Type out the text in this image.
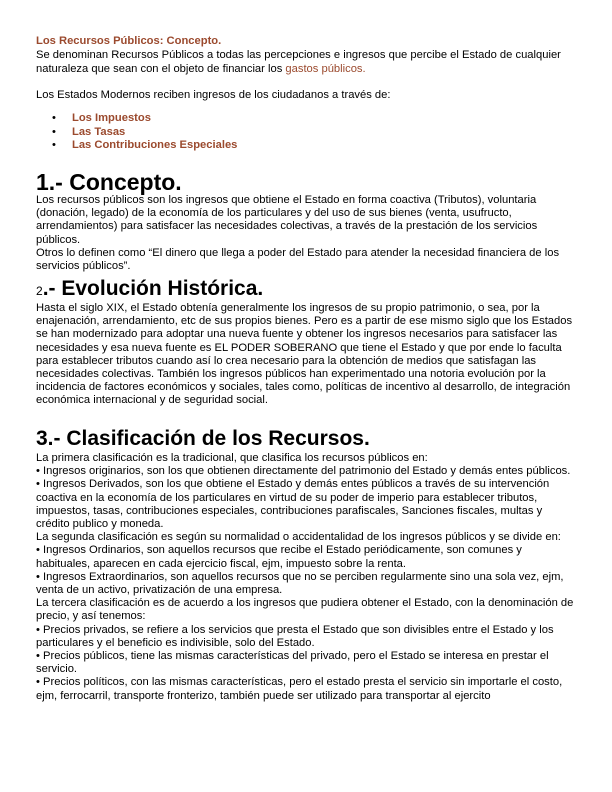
Los Recursos Públicos: Concepto.
Se denominan Recursos Públicos a todas las percepciones e ingresos que percibe el Estado de cualquier naturaleza que sean con el objeto de financiar los gastos públicos.
Los Estados Modernos reciben ingresos de los ciudadanos a través de:
• Los Impuestos
• Las Tasas
• Las Contribuciones Especiales
1.- Concepto.

Los recursos públicos son los ingresos que obtiene el Estado en forma coactiva (Tributos), voluntaria (donación, legado) de la economía de los particulares y del uso de sus bienes (venta, usufructo, arrendamientos) para satisfacer las necesidades colectivas, a través de la prestación de los servicios públicos.

Otros lo definen como “El dinero que llega a poder del Estado para atender la necesidad financiera de los servicios públicos”.

2.- Evolución Histórica.

Hasta el siglo XIX, el Estado obtenía generalmente los ingresos de su propio patrimonio, o sea, por la enajenación, arrendamiento, etc de sus propios bienes. Pero es a partir de ese mismo siglo que los Estados se han modernizado para adoptar una nueva fuente y obtener los ingresos necesarios para satisfacer las necesidades y esa nueva fuente es EL PODER SOBERANO que tiene el Estado y que por ende lo faculta para establecer tributos cuando así lo crea necesario para la obtención de medios que satisfagan las necesidades colectivas. También los ingresos públicos han experimentado una notoria evolución por la incidencia de factores económicos y sociales, tales como, políticas de incentivo al desarrollo, de integración económica internacional y de seguridad social.

3.- Clasificación de los Recursos.

La primera clasificación es la tradicional, que clasifica los recursos públicos en:

• Ingresos originarios, son los que obtienen directamente del patrimonio del Estado y demás entes públicos.

• Ingresos Derivados, son los que obtiene el Estado y demás entes públicos a través de su intervención coactiva en la economía de los particulares en virtud de su poder de imperio para establecer tributos, impuestos, tasas, contribuciones especiales, contribuciones parafiscales, Sanciones fiscales, multas y crédito publico y moneda.

La segunda clasificación es según su normalidad o accidentalidad de los ingresos públicos y se divide en:

• Ingresos Ordinarios, son aquellos recursos que recibe el Estado periódicamente, son comunes y habituales, aparecen en cada ejercicio fiscal, ejm, impuesto sobre la renta.

• Ingresos Extraordinarios, son aquellos recursos que no se perciben regularmente sino una sola vez, ejm, venta de un activo, privatización de una empresa.

La tercera clasificación es de acuerdo a los ingresos que pudiera obtener el Estado, con la denominación de precio, y así tenemos:

• Precios privados, se refiere a los servicios que presta el Estado que son divisibles entre el Estado y los particulares y el beneficio es indivisible, solo del Estado.

• Precios públicos, tiene las mismas características del privado, pero el Estado se interesa en prestar el servicio.

• Precios políticos, con las mismas características, pero el estado presta el servicio sin importarle el costo, ejm, ferrocarril, transporte fronterizo, también puede ser utilizado para transportar al ejercito
